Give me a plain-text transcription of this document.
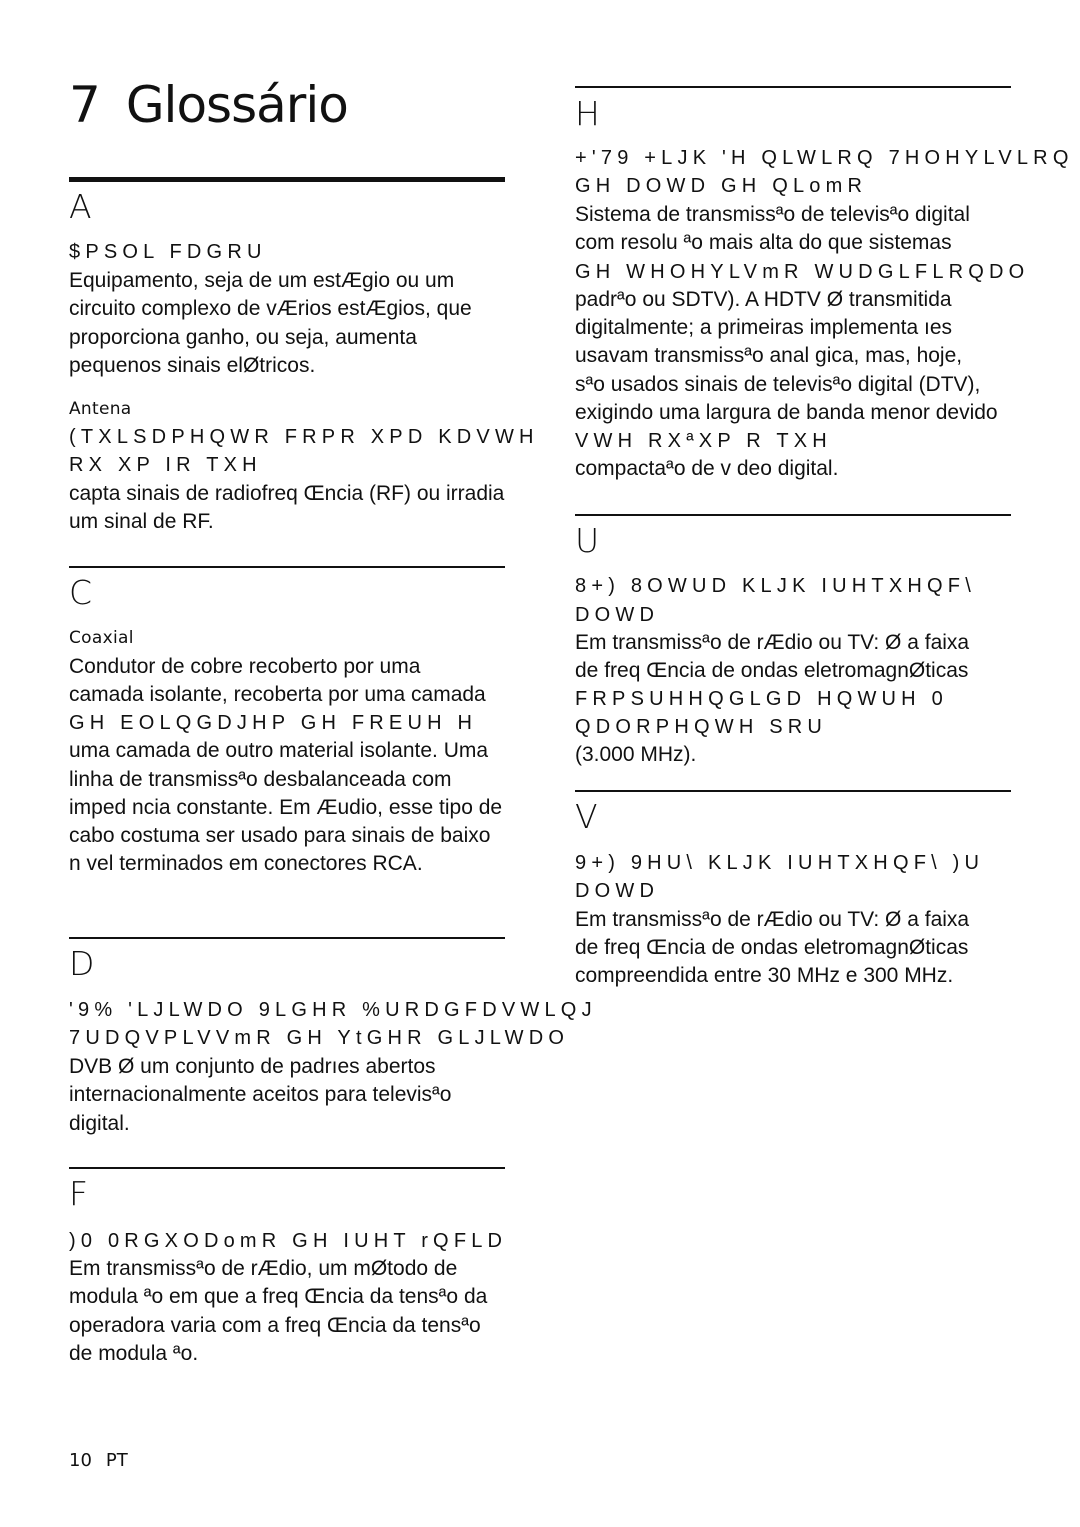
7 Glossário
A
$PSOL FDGRU
Equipamento, seja de um estÆgio ou um
circuito complexo de vÆrios estÆgios, que
proporciona ganho, ou seja, aumenta
pequenos sinais elØtricos.
Antena
(TXLSDPHQWR FRPR XPD KDVWH RX XP IR TXH
capta sinais de radiofreq Œncia (RF) ou irradia
um sinal de RF.
C
Coaxial
Condutor de cobre recoberto por uma
camada isolante, recoberta por uma camada
GH EOLQGDJHP GH FREUH H
uma camada de outro material isolante. Uma
linha de transmissªo desbalanceada com
imped ncia constante. Em Æudio, esse tipo de
cabo costuma ser usado para sinais de baixo
n vel terminados em conectores RCA.
D
'9% 'LJLWDO 9LGHR %URDGFDVWLQJ
7UDQVPLVVmR GH YtGHR GLJLWDO
DVB Ø um conjunto de padrıes abertos
internacionalmente aceitos para televisªo
digital.
F
)0 0RGXODomR GH IUHT rQFLD
Em transmissªo de rÆdio, um mØtodo de
modula ªo em que a freq Œncia da tensªo da
operadora varia com a freq Œncia da tensªo
de modula ªo.
H
+'79 +LJK 'H QLWLRQ 7HOHYLVLRQ
GH DOWD GH QLomR
Sistema de transmissªo de televisªo digital
com resolu ªo mais alta do que sistemas
GH WHOHYLVmR WUDGLFLRQDO
padrªo ou SDTV). A HDTV Ø transmitida
digitalmente; a primeiras implementa ıes
usavam transmissªo anal gica, mas, hoje,
sªo usados sinais de televisªo digital (DTV),
exigindo uma largura de banda menor devido
VWH RXªXP R TXH
compactaªo de v deo digital.
U
8+) 8OWUD KLJK IUHTXHQF\
DOWD
Em transmissªo de rÆdio ou TV: Ø a faixa
de freq Œncia de ondas eletromagnØticas
FRPSUHHQGLGD HQWUH 0
QDORPHQWH SRU
(3.000 MHz).
V
9+) 9HU\ KLJK IUHTXHQF\ )U
DOWD
Em transmissªo de rÆdio ou TV: Ø a faixa
de freq Œncia de ondas eletromagnØticas
compreendida entre 30 MHz e 300 MHz.
10 PT
